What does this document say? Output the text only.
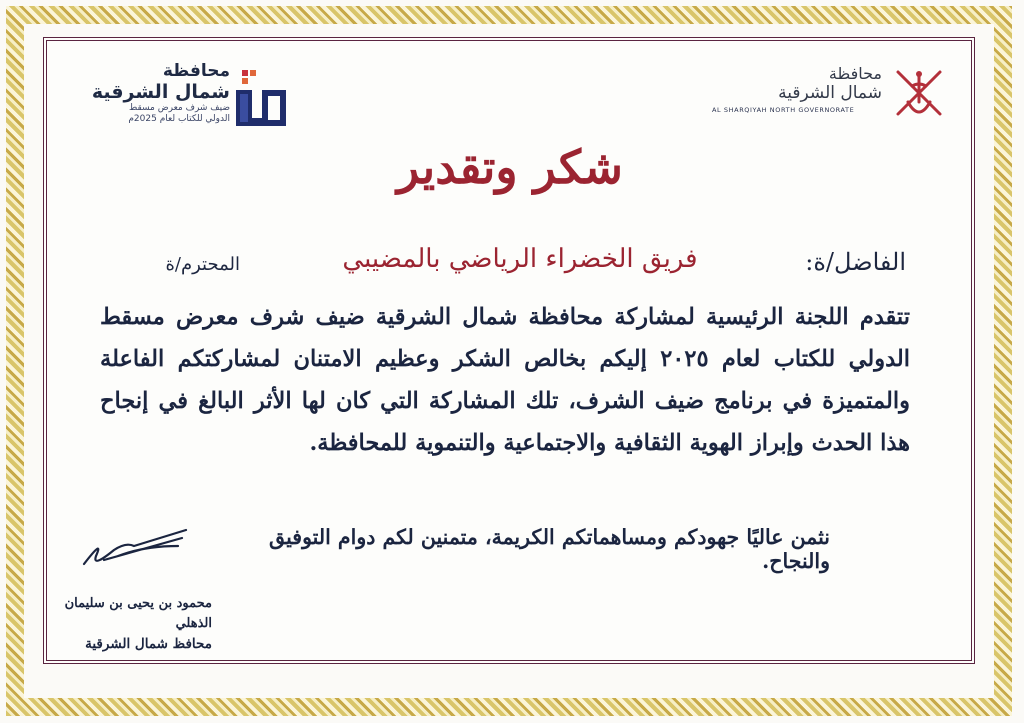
محافظة
شمال الشرقية
ضيف شرف معرض مسقط
الدولي للكتاب لعام 2025م
محافظة
شمال الشرقية
AL SHARQIYAH NORTH GOVERNORATE
شكر وتقدير
الفاضل/ة:
فريق الخضراء الرياضي بالمضيبي
المحترم/ة
تتقدم اللجنة الرئيسية لمشاركة محافظة شمال الشرقية ضيف شرف معرض مسقط الدولي للكتاب لعام ٢٠٢٥ إليكم بخالص الشكر وعظيم الامتنان لمشاركتكم الفاعلة والمتميزة في برنامج ضيف الشرف، تلك المشاركة التي كان لها الأثر البالغ في إنجاح هذا الحدث وإبراز الهوية الثقافية والاجتماعية والتنموية للمحافظة.
نثمن عاليًا جهودكم ومساهماتكم الكريمة، متمنين لكم دوام التوفيق والنجاح.
محمود بن يحيى بن سليمان الذهلي
محافظ شمال الشرقية
